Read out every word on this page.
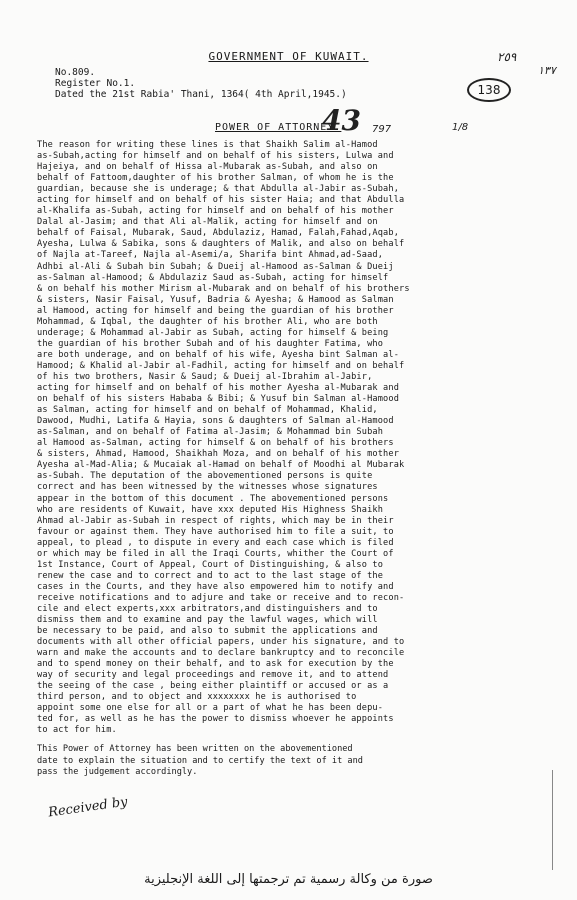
GOVERNMENT OF KUWAIT.	٢٥٩
١٣٧
No.809.
Register No.1.
Dated the 21st Rabia' Thani, 1364( 4th April,1945.)	138
43 797	1/8
POWER OF ATTORNEY.
The reason for writing these lines is that Shaikh Salim al-Hamod
as-Subah,acting for himself and on behalf of his sisters, Lulwa and
Hajeiya, and on behalf of Hissa al-Mubarak as-Subah, and also on
behalf of Fattoom,daughter of his brother Salman, of whom he is the
guardian, because she is underage; & that Abdulla al-Jabir as-Subah,
acting for himself and on behalf of his sister Haia; and that Abdulla
al-Khalifa as-Subah, acting for himself and on behalf of his mother
Dalal al-Jasim; and that Ali al-Malik, acting for himself and on
behalf of Faisal, Mubarak, Saud, Abdulaziz, Hamad, Falah,Fahad,Aqab,
Ayesha, Lulwa & Sabika, sons & daughters of Malik, and also on behalf
of Najla at-Tareef, Najla al-Asemi/a, Sharifa bint Ahmad,ad-Saad,
Adhbi al-Ali & Subah bin Subah; & Dueij al-Hamood as-Salman & Dueij
as-Salman al-Hamood; & Abdulaziz Saud as-Subah, acting for himself
& on behalf his mother Mirism al-Mubarak and on behalf of his brothers
& sisters, Nasir Faisal, Yusuf, Badria & Ayesha; & Hamood as Salman
al Hamood, acting for himself and being the guardian of his brother
Mohammad, & Iqbal, the daughter of his brother Ali, who are both
underage; & Mohammad al-Jabir as Subah, acting for himself & being
the guardian of his brother Subah and of his daughter Fatima, who
are both underage, and on behalf of his wife, Ayesha bint Salman al-
Hamood; & Khalid al-Jabir al-Fadhil, acting for himself and on behalf
of his two brothers, Nasir & Saud; & Dueij al-Ibrahim al-Jabir,
acting for himself and on behalf of his mother Ayesha al-Mubarak and
on behalf of his sisters Hababa & Bibi; & Yusuf bin Salman al-Hamood
as Salman, acting for himself and on behalf of Mohammad, Khalid,
Dawood, Mudhi, Latifa & Hayia, sons & daughters of Salman al-Hamood
as-Salman, and on behalf of Fatima al-Jasim; & Mohammad bin Subah
al Hamood as-Salman, acting for himself & on behalf of his brothers
& sisters, Ahmad, Hamood, Shaikhah Moza, and on behalf of his mother
Ayesha al-Mad-Alia; & Mucaiak al-Hamad on behalf of Moodhi al Mubarak
as-Subah. The deputation of the abovementioned persons is quite
correct and has been witnessed by the witnesses whose signatures
appear in the bottom of this document . The abovementioned persons
who are residents of Kuwait, have xxx deputed His Highness Shaikh
Ahmad al-Jabir as-Subah in respect of rights, which may be in their
favour or against them. They have authorised him to file a suit, to
appeal, to plead , to dispute in every and each case which is filed
or which may be filed in all the Iraqi Courts, whither the Court of
1st Instance, Court of Appeal, Court of Distinguishing, & also to
renew the case and to correct and to act to the last stage of the
cases in the Courts, and they have also empowered him to notify and
receive notifications and to adjure and take or receive and to recon-
cile and elect experts,xxx arbitrators,and distinguishers and to
dismiss them and to examine and pay the lawful wages, which will
be necessary to be paid, and also to submit the applications and
documents with all other official papers, under his signature, and to
warn and make the accounts and to declare bankruptcy and to reconcile
and to spend money on their behalf, and to ask for execution by the
way of security and legal proceedings and remove it, and to attend
the seeing of the case , being either plaintiff or accused or as a
third person, and to object and xxxxxxxx he is authorised to
appoint some one else for all or a part of what he has been depu-
ted for, as well as he has the power to dismiss whoever he appoints
to act for him.
This Power of Attorney has been written on the abovementioned
date to explain the situation and to certify the text of it and
pass the judgement accordingly.
Received by
صورة من وكالة رسمية تم ترجمتها إلى اللغة الإنجليزية
